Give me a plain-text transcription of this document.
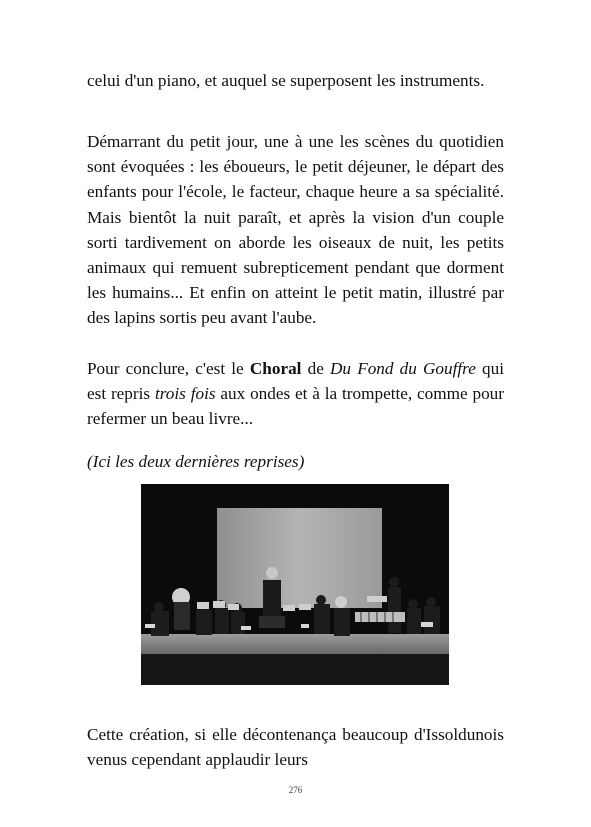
celui d'un piano, et auquel se superposent les instruments.

Démarrant du petit jour, une à une les scènes du quotidien sont évoquées : les éboueurs, le petit déjeuner, le départ des enfants pour l'école, le facteur, chaque heure a sa spécialité. Mais bientôt la nuit paraît, et après la vision d'un couple sorti tardivement on aborde les oiseaux de nuit, les petits animaux qui remuent subrepticement pendant que dorment les humains... Et enfin on atteint le petit matin, illustré par des lapins sortis peu avant l'aube.

Pour conclure, c'est le Choral de Du Fond du Gouffre qui est repris trois fois aux ondes et à la trompette, comme pour refermer un beau livre...

(Ici les deux dernières reprises)

Cette création, si elle décontenança beaucoup d'Issoldunois venus cependant applaudir leurs

276
